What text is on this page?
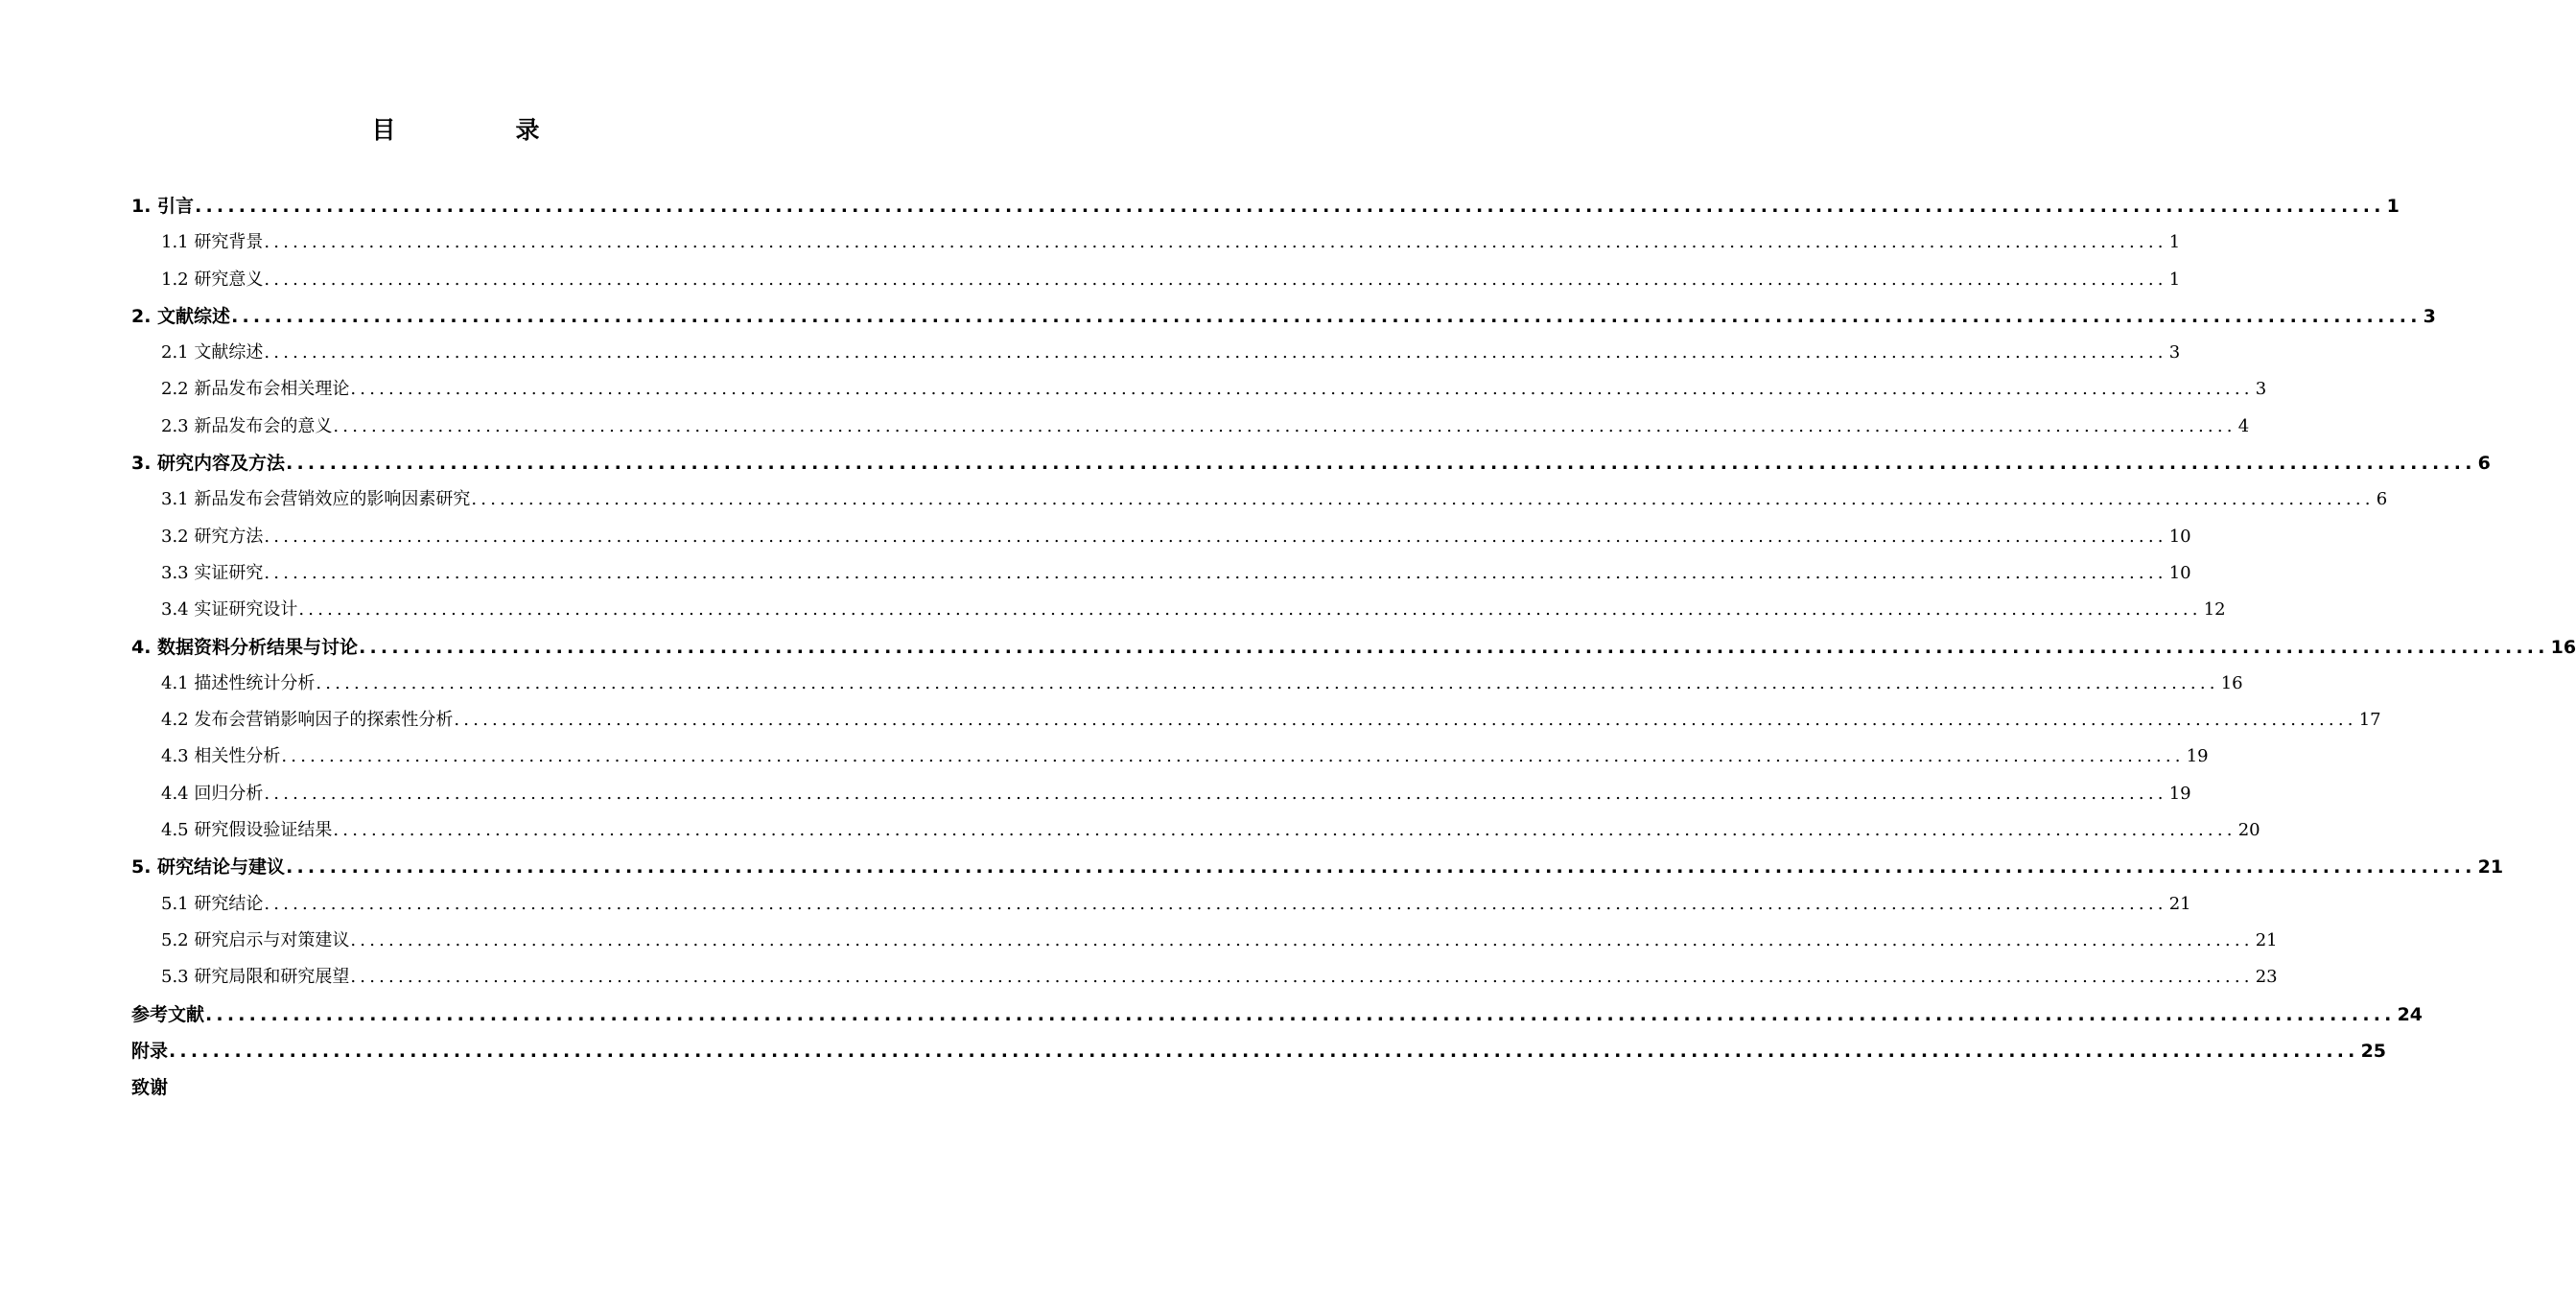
目　录
1. 引言 ........................................................................................................................................................................................................ 1
1.1 研究背景 ........................................................................................................................................................................................................ 1
1.2 研究意义 ........................................................................................................................................................................................................ 1
2. 文献综述 ........................................................................................................................................................................................................ 3
2.1 文献综述 ........................................................................................................................................................................................................ 3
2.2 新品发布会相关理论 ........................................................................................................................................................................................................ 3
2.3 新品发布会的意义 ........................................................................................................................................................................................................ 4
3. 研究内容及方法 ........................................................................................................................................................................................................ 6
3.1 新品发布会营销效应的影响因素研究 ........................................................................................................................................................................................................ 6
3.2 研究方法 ........................................................................................................................................................................................................ 10
3.3 实证研究 ........................................................................................................................................................................................................ 10
3.4 实证研究设计 ........................................................................................................................................................................................................ 12
4. 数据资料分析结果与讨论 ........................................................................................................................................................................................................ 16
4.1 描述性统计分析 ........................................................................................................................................................................................................ 16
4.2 发布会营销影响因子的探索性分析 ........................................................................................................................................................................................................ 17
4.3 相关性分析 ........................................................................................................................................................................................................ 19
4.4 回归分析 ........................................................................................................................................................................................................ 19
4.5 研究假设验证结果 ........................................................................................................................................................................................................ 20
5. 研究结论与建议 ........................................................................................................................................................................................................ 21
5.1 研究结论 ........................................................................................................................................................................................................ 21
5.2 研究启示与对策建议 ........................................................................................................................................................................................................ 21
5.3 研究局限和研究展望 ........................................................................................................................................................................................................ 23
参考文献 ........................................................................................................................................................................................................ 24
附录 ........................................................................................................................................................................................................ 25
致谢
